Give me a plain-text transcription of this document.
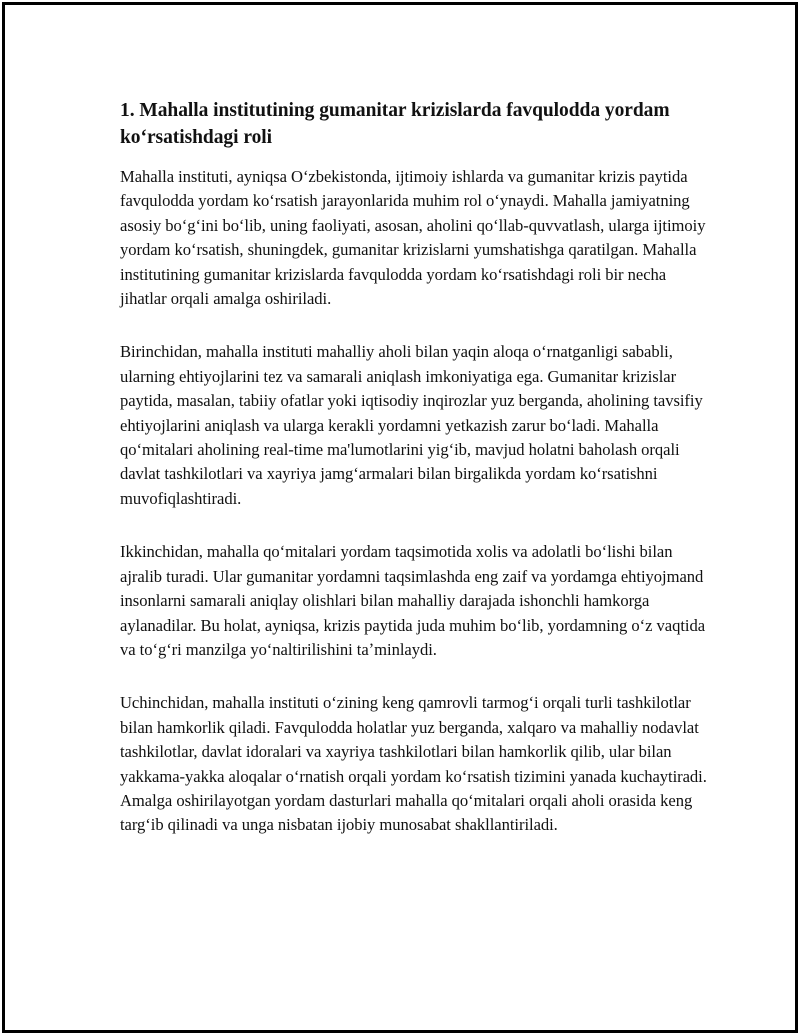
1. Mahalla institutining gumanitar krizislarda favqulodda yordam koʻrsatishdagi roli

Mahalla instituti, ayniqsa Oʻzbekistonda, ijtimoiy ishlarda va gumanitar krizis paytida favqulodda yordam koʻrsatish jarayonlarida muhim rol oʻynaydi. Mahalla jamiyatning asosiy boʻgʻini boʻlib, uning faoliyati, asosan, aholini qoʻllab-quvvatlash, ularga ijtimoiy yordam koʻrsatish, shuningdek, gumanitar krizislarni yumshatishga qaratilgan. Mahalla institutining gumanitar krizislarda favqulodda yordam koʻrsatishdagi roli bir necha jihatlar orqali amalga oshiriladi.

Birinchidan, mahalla instituti mahalliy aholi bilan yaqin aloqa oʻrnatganligi sababli, ularning ehtiyojlarini tez va samarali aniqlash imkoniyatiga ega. Gumanitar krizislar paytida, masalan, tabiiy ofatlar yoki iqtisodiy inqirozlar yuz berganda, aholining tavsifiy ehtiyojlarini aniqlash va ularga kerakli yordamni yetkazish zarur boʻladi. Mahalla qoʻmitalari aholining real-time ma'lumotlarini yigʻib, mavjud holatni baholash orqali davlat tashkilotlari va xayriya jamgʻarmalari bilan birgalikda yordam koʻrsatishni muvofiqlashtiradi.

Ikkinchidan, mahalla qoʻmitalari yordam taqsimotida xolis va adolatli boʻlishi bilan ajralib turadi. Ular gumanitar yordamni taqsimlashda eng zaif va yordamga ehtiyojmand insonlarni samarali aniqlay olishlari bilan mahalliy darajada ishonchli hamkorga aylanadilar. Bu holat, ayniqsa, krizis paytida juda muhim boʻlib, yordamning oʻz vaqtida va toʻgʻri manzilga yoʻnaltirilishini taʼminlaydi.

Uchinchidan, mahalla instituti oʻzining keng qamrovli tarmogʻi orqali turli tashkilotlar bilan hamkorlik qiladi. Favqulodda holatlar yuz berganda, xalqaro va mahalliy nodavlat tashkilotlar, davlat idoralari va xayriya tashkilotlari bilan hamkorlik qilib, ular bilan yakkama-yakka aloqalar oʻrnatish orqali yordam koʻrsatish tizimini yanada kuchaytiradi. Amalga oshirilayotgan yordam dasturlari mahalla qoʻmitalari orqali aholi orasida keng targʻib qilinadi va unga nisbatan ijobiy munosabat shakllantiriladi.
